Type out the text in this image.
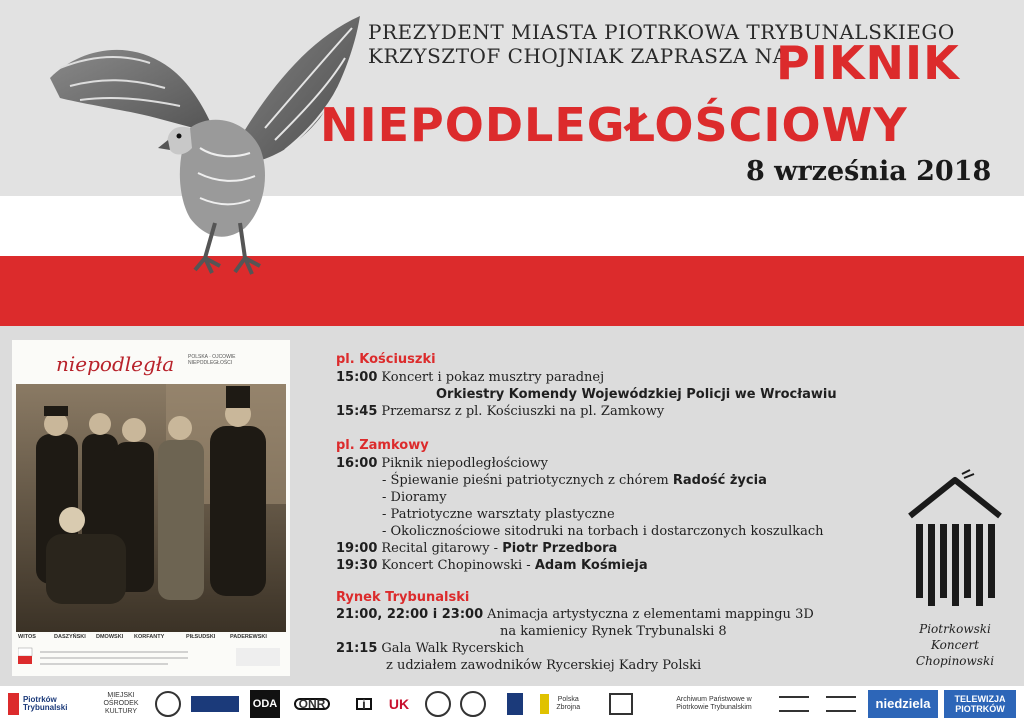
PREZYDENT MIASTA PIOTRKOWA TRYBUNALSKIEGO
KRZYSZTOF CHOJNIAK ZAPRASZA NA
PIKNIK
NIEPODLEGŁOŚCIOWY
8 września 2018
niepodległa	POLSKA · OJCOWIE NIEPODLEGŁOŚCI
WITOS	DASZYŃSKI DMOWSKI KORFANTY	PIŁSUDSKI	PADEREWSKI
pl. Kościuszki
15:00 Koncert i pokaz musztry paradnej
Orkiestry Komendy Wojewódzkiej Policji we Wrocławiu
15:45 Przemarsz z pl. Kościuszki na pl. Zamkowy
pl. Zamkowy
16:00 Piknik niepodległościowy
- Śpiewanie pieśni patriotycznych z chórem Radość życia
- Dioramy
- Patriotyczne warsztaty plastyczne
- Okolicznościowe sitodruki na torbach i dostarczonych koszulkach
19:00 Recital gitarowy - Piotr Przedbora
19:30 Koncert Chopinowski - Adam Kośmieja
Rynek Trybunalski
21:00, 22:00 i 23:00 Animacja artystyczna z elementami mappingu 3D
na kamienicy Rynek Trybunalski 8
21:15 Gala Walk Rycerskich
z udziałem zawodników Rycerskiej Kadry Polski
Piotrkowski
Koncert
Chopinowski
Piotrków Trybunalski
MIEJSKI OŚRODEK KULTURY
ODA	ONR	i	UK	Polska Zbrojna
Archiwum Państwowe w Piotrkowie Trybunalskim	niedziela	TELEWIZJA PIOTRKÓW
